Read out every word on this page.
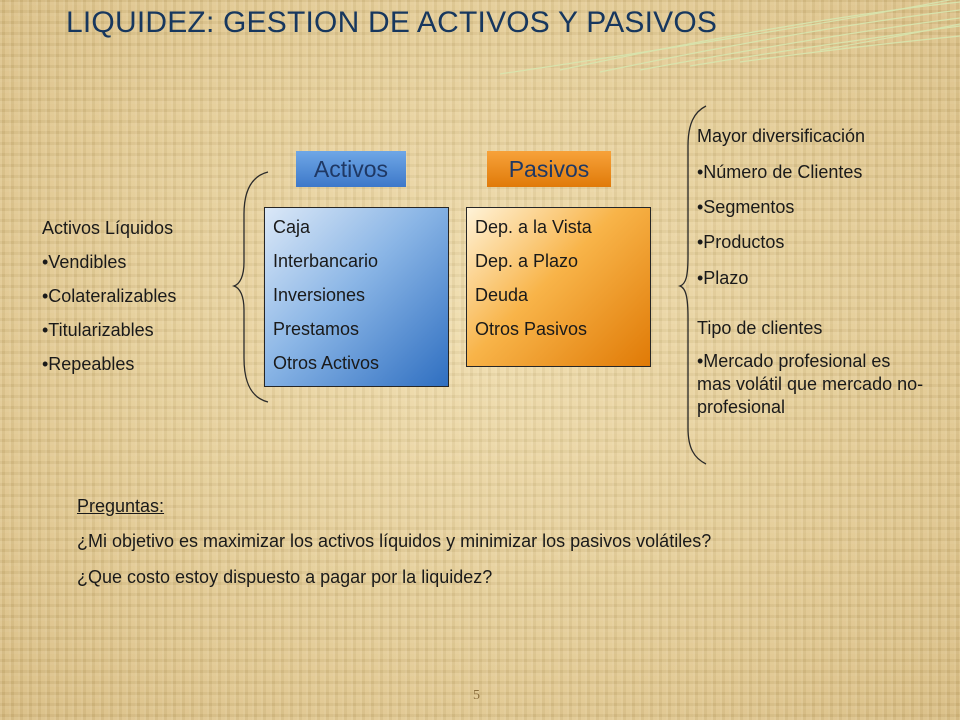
LIQUIDEZ: GESTION DE ACTIVOS Y PASIVOS
Activos Líquidos
•Vendibles
•Colateralizables
•Titularizables
•Repeables
Activos	Pasivos
Caja
Interbancario
Inversiones
Prestamos
Otros Activos
Dep. a la Vista
Dep. a Plazo
Deuda
Otros Pasivos
Mayor diversificación
•Número de Clientes
•Segmentos
•Productos
•Plazo
Tipo de clientes
•Mercado profesional es mas volátil que mercado no-profesional
Preguntas:
¿Mi objetivo es maximizar los activos líquidos y minimizar los pasivos volátiles?
¿Que costo estoy dispuesto a pagar por la liquidez?
5
